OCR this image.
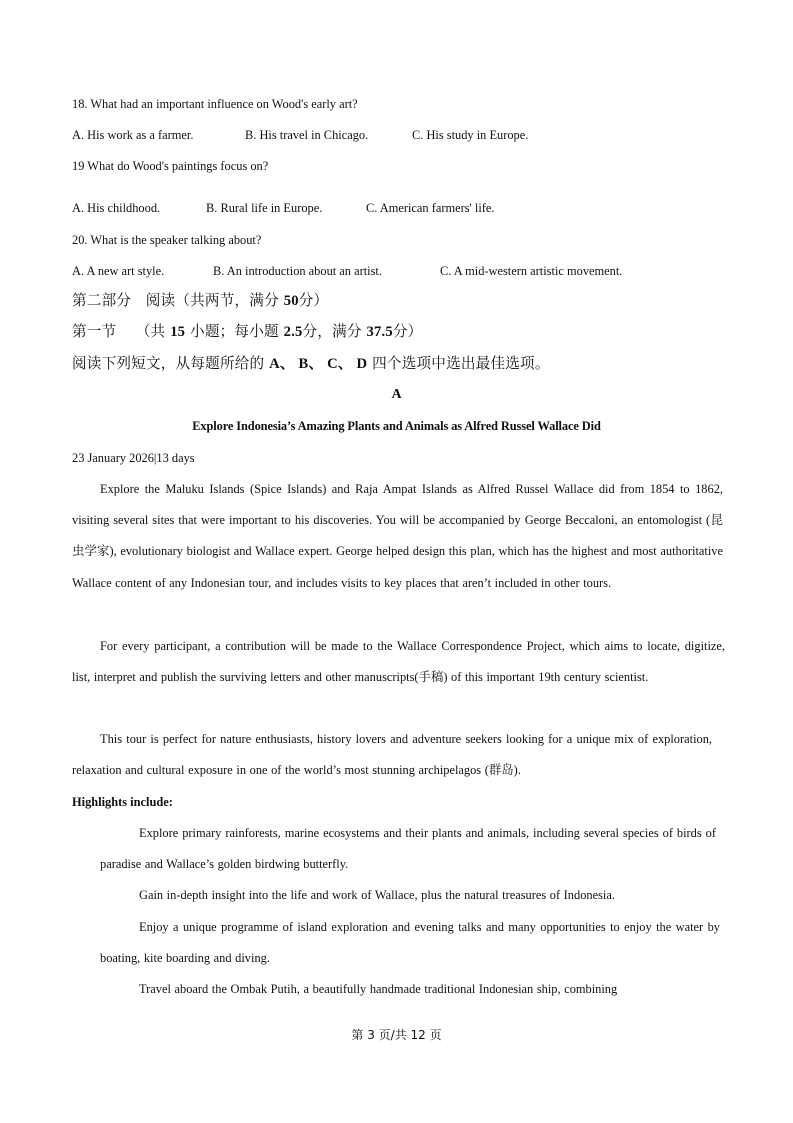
18. What had an important influence on Wood's early art?
A. His work as a farmer.	B. His travel in Chicago.	C. His study in Europe.
19 What do Wood's paintings focus on?
A. His childhood.	B. Rural life in Europe.	C. American farmers' life.
20. What is the speaker talking about?
A. A new art style.	B. An introduction about an artist.	C. A mid-western artistic movement.
第二部分 阅读（共两节，满分 50分）
第一节 （共 15 小题；每小题 2.5分，满分 37.5分）
阅读下列短文，从每题所给的 A、 B、 C、 D 四个选项中选出最佳选项。
A
Explore Indonesia’s Amazing Plants and Animals as Alfred Russel Wallace Did
23 January 2026|13 days
Explore the Maluku Islands (Spice Islands) and Raja Ampat Islands as Alfred Russel Wallace did from 1854 to 1862, visiting several sites that were important to his discoveries. You will be accompanied by George Beccaloni, an entomologist (昆虫学家), evolutionary biologist and Wallace expert. George helped design this plan, which has the highest and most authoritative Wallace content of any Indonesian tour, and includes visits to key places that aren’t included in other tours.
For every participant, a contribution will be made to the Wallace Correspondence Project, which aims to locate, digitize, list, interpret and publish the surviving letters and other manuscripts(手稿) of this important 19th century scientist.
This tour is perfect for nature enthusiasts, history lovers and adventure seekers looking for a unique mix of exploration, relaxation and cultural exposure in one of the world’s most stunning archipelagos (群岛).
Highlights include:
Explore primary rainforests, marine ecosystems and their plants and animals, including several species of birds of paradise and Wallace’s golden birdwing butterfly.
Gain in-depth insight into the life and work of Wallace, plus the natural treasures of Indonesia.
Enjoy a unique programme of island exploration and evening talks and many opportunities to enjoy the water by boating, kite boarding and diving.
Travel aboard the Ombak Putih, a beautifully handmade traditional Indonesian ship, combining
第 3 页/共 12 页
